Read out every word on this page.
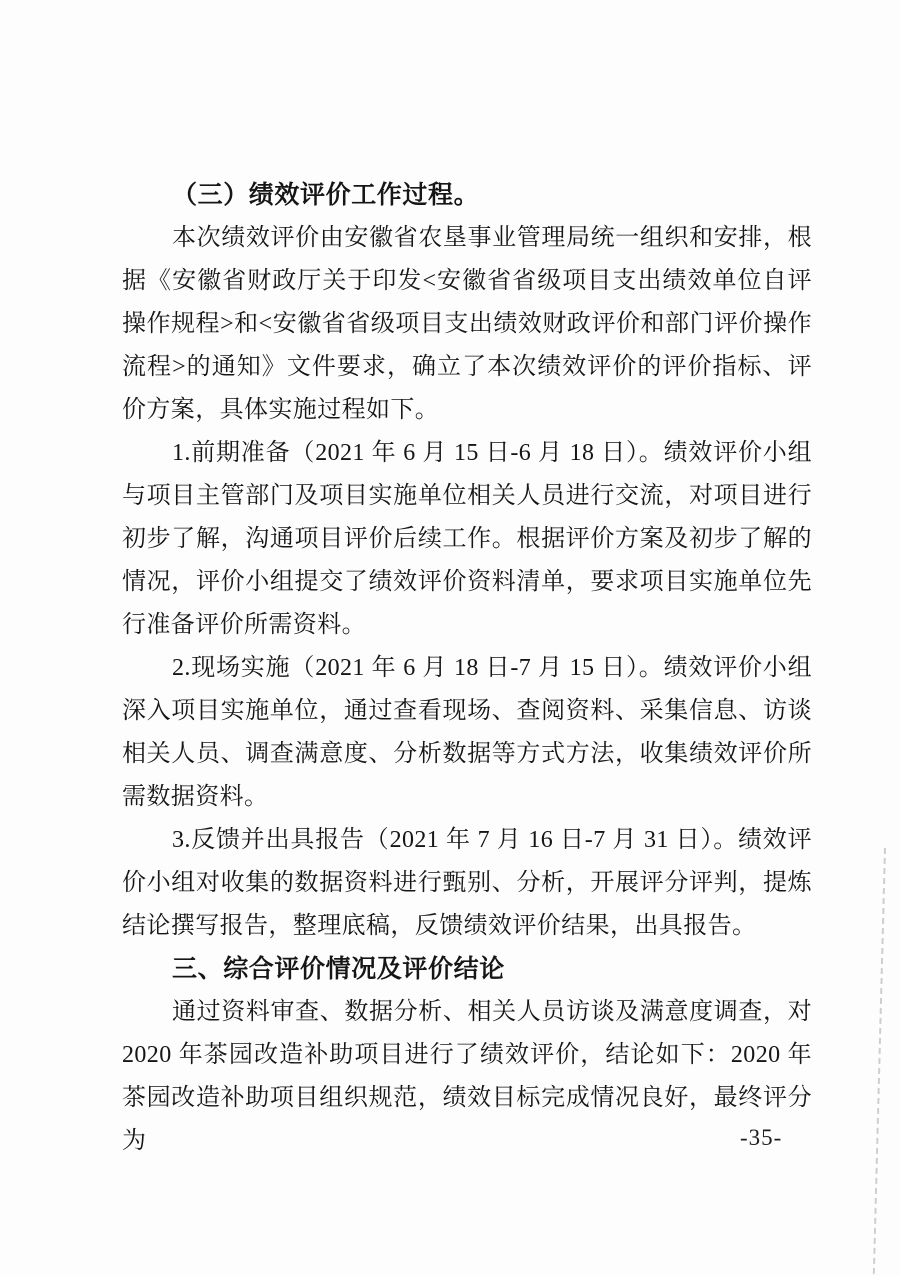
（三）绩效评价工作过程。

本次绩效评价由安徽省农垦事业管理局统一组织和安排，根据《安徽省财政厅关于印发<安徽省省级项目支出绩效单位自评操作规程>和<安徽省省级项目支出绩效财政评价和部门评价操作流程>的通知》文件要求，确立了本次绩效评价的评价指标、评价方案，具体实施过程如下。

1.前期准备（2021 年 6 月 15 日-6 月 18 日）。绩效评价小组与项目主管部门及项目实施单位相关人员进行交流，对项目进行初步了解，沟通项目评价后续工作。根据评价方案及初步了解的情况，评价小组提交了绩效评价资料清单，要求项目实施单位先行准备评价所需资料。

2.现场实施（2021 年 6 月 18 日-7 月 15 日）。绩效评价小组深入项目实施单位，通过查看现场、查阅资料、采集信息、访谈相关人员、调查满意度、分析数据等方式方法，收集绩效评价所需数据资料。

3.反馈并出具报告（2021 年 7 月 16 日-7 月 31 日）。绩效评价小组对收集的数据资料进行甄别、分析，开展评分评判，提炼结论撰写报告，整理底稿，反馈绩效评价结果，出具报告。

三、综合评价情况及评价结论

通过资料审查、数据分析、相关人员访谈及满意度调查，对 2020 年茶园改造补助项目进行了绩效评价，结论如下：2020 年茶园改造补助项目组织规范，绩效目标完成情况良好，最终评分为	-35-
